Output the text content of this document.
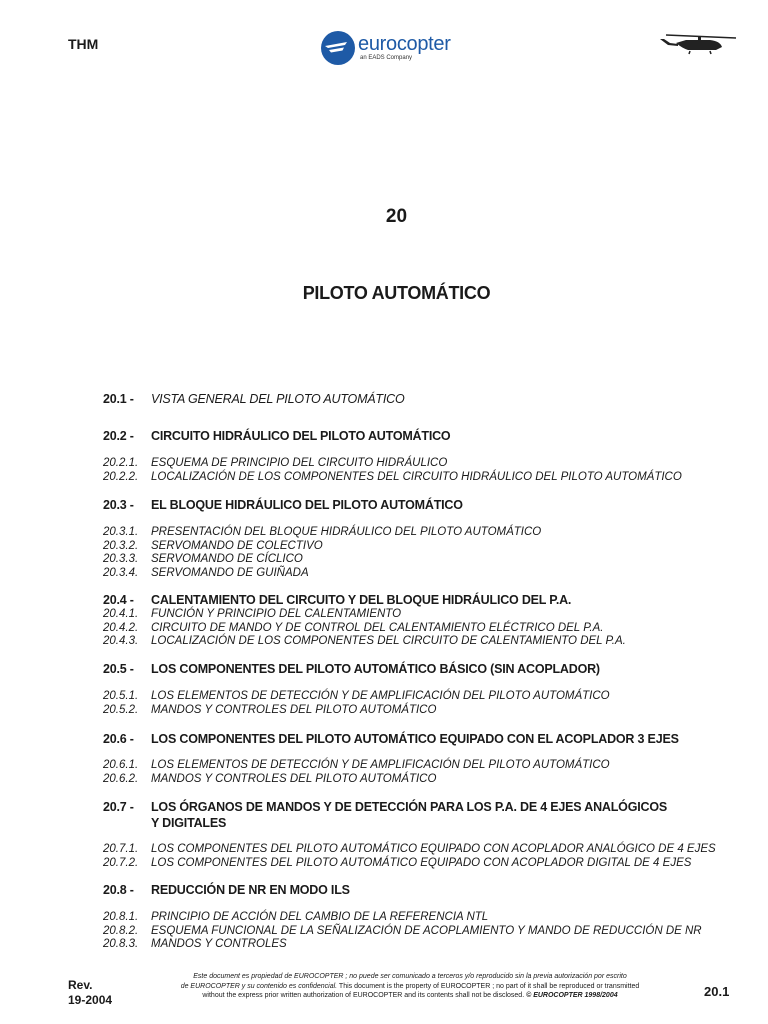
THM	eurocopter
an EADS Company
20
PILOTO AUTOMÁTICO
20.1 - VISTA GENERAL DEL PILOTO AUTOMÁTICO
20.2 - CIRCUITO HIDRÁULICO DEL PILOTO AUTOMÁTICO
20.2.1. ESQUEMA DE PRINCIPIO DEL CIRCUITO HIDRÁULICO
20.2.2. LOCALIZACIÓN DE LOS COMPONENTES DEL CIRCUITO HIDRÁULICO DEL PILOTO AUTOMÁTICO
20.3 - EL BLOQUE HIDRÁULICO DEL PILOTO AUTOMÁTICO
20.3.1. PRESENTACIÓN DEL BLOQUE HIDRÁULICO DEL PILOTO AUTOMÁTICO
20.3.2. SERVOMANDO DE COLECTIVO
20.3.3. SERVOMANDO DE CÍCLICO
20.3.4. SERVOMANDO DE GUIÑADA
20.4 - CALENTAMIENTO DEL CIRCUITO Y DEL BLOQUE HIDRÁULICO DEL P.A.
20.4.1. FUNCIÓN Y PRINCIPIO DEL CALENTAMIENTO
20.4.2. CIRCUITO DE MANDO Y DE CONTROL DEL CALENTAMIENTO ELÉCTRICO DEL P.A.
20.4.3. LOCALIZACIÓN DE LOS COMPONENTES DEL CIRCUITO DE CALENTAMIENTO DEL P.A.
20.5 - LOS COMPONENTES DEL PILOTO AUTOMÁTICO BÁSICO (SIN ACOPLADOR)
20.5.1. LOS ELEMENTOS DE DETECCIÓN Y DE AMPLIFICACIÓN DEL PILOTO AUTOMÁTICO
20.5.2. MANDOS Y CONTROLES DEL PILOTO AUTOMÁTICO
20.6 - LOS COMPONENTES DEL PILOTO AUTOMÁTICO EQUIPADO CON EL ACOPLADOR 3 EJES
20.6.1. LOS ELEMENTOS DE DETECCIÓN Y DE AMPLIFICACIÓN DEL PILOTO AUTOMÁTICO
20.6.2. MANDOS Y CONTROLES DEL PILOTO AUTOMÁTICO
20.7 - LOS ÓRGANOS DE MANDOS Y DE DETECCIÓN PARA LOS P.A. DE 4 EJES ANALÓGICOS
Y DIGITALES
20.7.1. LOS COMPONENTES DEL PILOTO AUTOMÁTICO EQUIPADO CON ACOPLADOR ANALÓGICO DE 4 EJES
20.7.2. LOS COMPONENTES DEL PILOTO AUTOMÁTICO EQUIPADO CON ACOPLADOR DIGITAL DE 4 EJES
20.8 - REDUCCIÓN DE NR EN MODO ILS
20.8.1. PRINCIPIO DE ACCIÓN DEL CAMBIO DE LA REFERENCIA NTL
20.8.2. ESQUEMA FUNCIONAL DE LA SEÑALIZACIÓN DE ACOPLAMIENTO Y MANDO DE REDUCCIÓN DE NR
20.8.3. MANDOS Y CONTROLES
Rev.
19-2004
Este document es propiedad de EUROCOPTER ; no puede ser comunicado a terceros y/o reproducido sin la previa autorización por escrito
de EUROCOPTER y su contenido es confidencial. This document is the property of EUROCOPTER ; no part of it shall be reproduced or transmitted
without the express prior written authorization of EUROCOPTER and its contents shall not be disclosed. © EUROCOPTER 1998/2004	20.1
